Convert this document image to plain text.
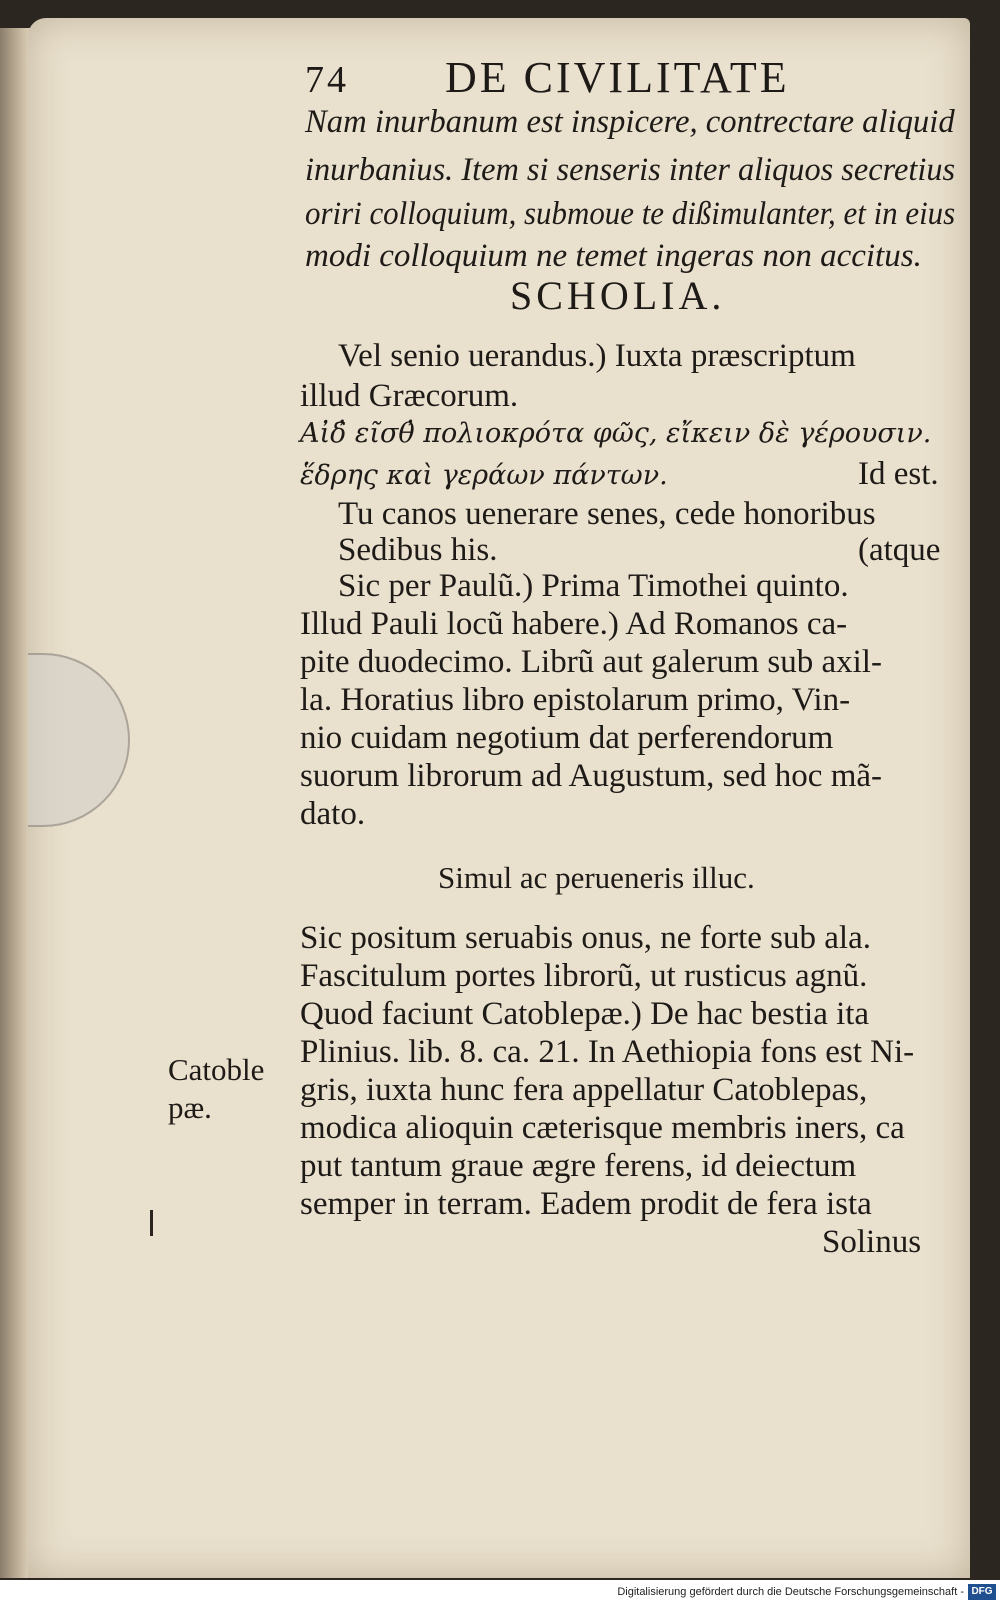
74 DE CIVILITATE

Nam inurbanum est inspicere, contrectare aliquid

inurbanius. Item si senseris inter aliquos secretius

oriri colloquium, submoue te dißimulanter, et in eius

modi colloquium ne temet ingeras non accitus.

SCHOLIA.

Vel senio uerandus.) Iuxta præscriptum

illud Græcorum.

Αἰδ̓ εῖσθ̓ πολιοκρότα φῶς, εἴκειν δὲ γέρουσιν.

ἕδρης καὶ γεράων πάντων.	Id est.

Tu canos uenerare senes, cede honoribus

Sedibus his.	(atque

Sic per Paulũ.) Prima Timothei quinto.

Illud Pauli locũ habere.) Ad Romanos ca-

pite duodecimo. Librũ aut galerum sub axil-

la. Horatius libro epistolarum primo, Vin-

nio cuidam negotium dat perferendorum

suorum librorum ad Augustum, sed hoc mã-

dato.

Simul ac perueneris illuc.

Sic positum seruabis onus, ne forte sub ala.

Fascitulum portes librorũ, ut rusticus agnũ.

Quod faciunt Catoblepæ.) De hac bestia ita

Plinius. lib. 8. ca. 21. In Aethiopia fons est Ni-

gris, iuxta hunc fera appellatur Catoblepas,

modica alioquin cæterisque membris iners, ca

put tantum graue ægre ferens, id deiectum

semper in terram. Eadem prodit de fera ista

Solinus

Catoble

pæ.

Digitalisierung gefördert durch die Deutsche Forschungsgemeinschaft - DFG
